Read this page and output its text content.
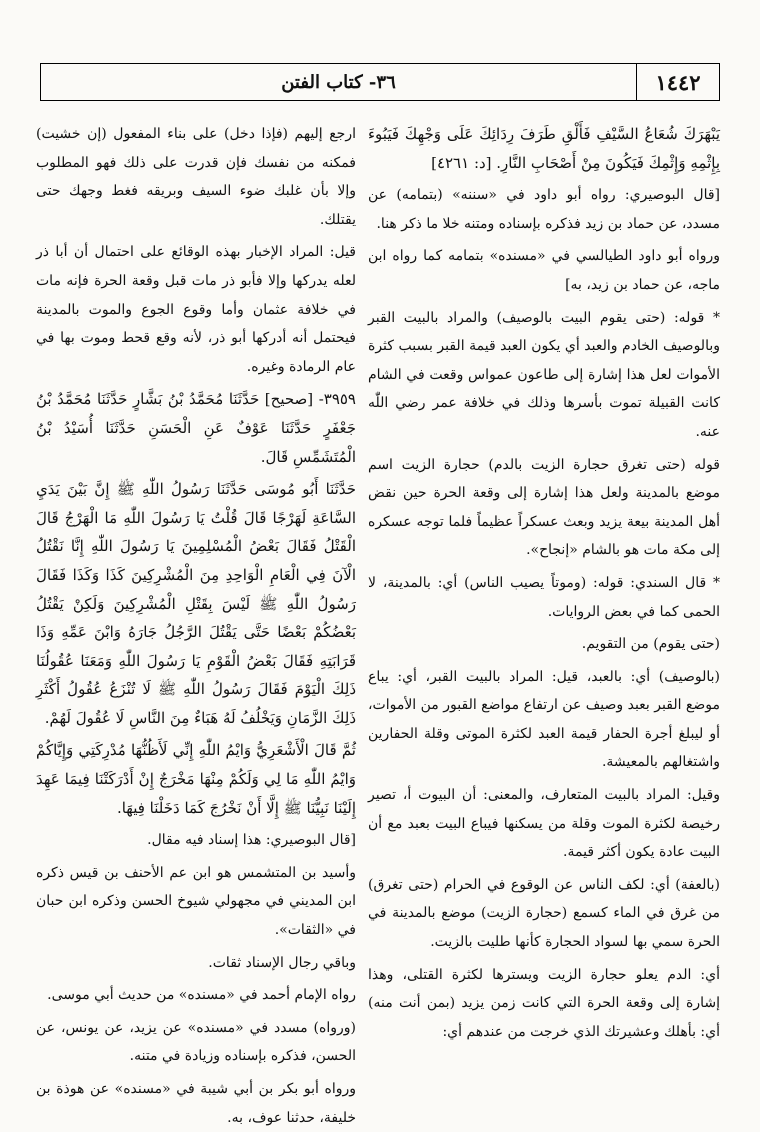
١٤٤٢
٣٦- كتاب الفتن

يَبْهَرَكَ شُعَاعُ السَّيْفِ فَأَلْقِ طَرَفَ رِدَائِكَ عَلَى وَجْهِكَ فَيَبُوءَ بِإِثْمِهِ وَإِثْمِكَ فَيَكُونَ مِنْ أَصْحَابِ النَّارِ. [د: ٤٢٦١]

[قال البوصيري: رواه أبو داود في «سننه» (بتمامه) عن مسدد، عن حماد بن زيد فذكره بإسناده ومتنه خلا ما ذكر هنا.

ورواه أبو داود الطيالسي في «مسنده» بتمامه كما رواه ابن ماجه، عن حماد بن زيد، به]

* قوله: (حتى يقوم البيت بالوصيف) والمراد بالبيت القبر وبالوصيف الخادم والعبد أي يكون العبد قيمة القبر بسبب كثرة الأموات لعل هذا إشارة إلى طاعون عمواس وقعت في الشام كانت القبيلة تموت بأسرها وذلك في خلافة عمر رضي اللّٰه عنه.

قوله (حتى تغرق حجارة الزيت بالدم) حجارة الزيت اسم موضع بالمدينة ولعل هذا إشارة إلى وقعة الحرة حين نقض أهل المدينة بيعة يزيد وبعث عسكراً عظيماً فلما توجه عسكره إلى مكة مات هو بالشام «إنجاح».

* قال السندي: قوله: (وموتاً يصيب الناس) أي: بالمدينة، لا الحمى كما في بعض الروايات.

(حتى يقوم) من التقويم.

(بالوصيف) أي: بالعبد، قيل: المراد بالبيت القبر، أي: يباع موضع القبر بعبد وصيف عن ارتفاع مواضع القبور من الأموات، أو ليبلغ أجرة الحفار قيمة العبد لكثرة الموتى وقلة الحفارين واشتغالهم بالمعيشة.

وقيل: المراد بالبيت المتعارف، والمعنى: أن البيوت أ، تصير رخيصة لكثرة الموت وقلة من يسكنها فيباع البيت بعبد مع أن البيت عادة يكون أكثر قيمة.

(بالعفة) أي: لكف الناس عن الوقوع في الحرام (حتى تغرق) من غرق في الماء كسمع (حجارة الزيت) موضع بالمدينة في الحرة سمي بها لسواد الحجارة كأنها طليت بالزيت.

أي: الدم يعلو حجارة الزيت ويسترها لكثرة القتلى، وهذا إشارة إلى وقعة الحرة التي كانت زمن يزيد (بمن أنت منه) أي: بأهلك وعشيرتك الذي خرجت من عندهم أي:

ارجع إليهم (فإذا دخل) على بناء المفعول (إن خشيت) فمكنه من نفسك فإن قدرت على ذلك فهو المطلوب وإلا بأن غلبك ضوء السيف وبريقه فغط وجهك حتى يقتلك.

قيل: المراد الإخبار بهذه الوقائع على احتمال أن أبا ذر لعله يدركها وإلا فأبو ذر مات قبل وقعة الحرة فإنه مات في خلافة عثمان وأما وقوع الجوع والموت بالمدينة فيحتمل أنه أدركها أبو ذر، لأنه وقع قحط وموت بها في عام الرمادة وغيره.

٣٩٥٩- [صحيح] حَدَّثَنَا مُحَمَّدُ بْنُ بَشَّارٍ حَدَّثَنَا مُحَمَّدُ بْنُ جَعْفَرٍ حَدَّثَنَا عَوْفٌ عَنِ الْحَسَنِ حَدَّثَنَا أُسَيْدُ بْنُ الْمُتَشَمِّسِ قَالَ.

حَدَّثَنَا أَبُو مُوسَى حَدَّثَنَا رَسُولُ اللّٰهِ ﷺ إِنَّ بَيْنَ يَدَيِ السَّاعَةِ لَهَرْجًا قَالَ قُلْتُ يَا رَسُولَ اللّٰهِ مَا الْهَرْجُ قَالَ الْقَتْلُ فَقَالَ بَعْضُ الْمُسْلِمِينَ يَا رَسُولَ اللّٰهِ إِنَّا نَقْتُلُ الْآنَ فِي الْعَامِ الْوَاحِدِ مِنَ الْمُشْرِكِينَ كَذَا وَكَذَا فَقَالَ رَسُولُ اللّٰهِ ﷺ لَيْسَ بِقَتْلِ الْمُشْرِكِينَ وَلَكِنْ يَقْتُلُ بَعْضُكُمْ بَعْضًا حَتَّى يَقْتُلَ الرَّجُلُ جَارَهُ وَابْنَ عَمِّهِ وَذَا قَرَابَتِهِ فَقَالَ بَعْضُ الْقَوْمِ يَا رَسُولَ اللّٰهِ وَمَعَنَا عُقُولُنَا ذَلِكَ الْيَوْمَ فَقَالَ رَسُولُ اللّٰهِ ﷺ لَا تُنْزَعُ عُقُولُ أَكْثَرِ ذَلِكَ الزَّمَانِ وَيَخْلُفُ لَهُ هَبَاءٌ مِنَ النَّاسِ لَا عُقُولَ لَهُمْ.

ثُمَّ قَالَ الْأَشْعَرِيُّ وَايْمُ اللّٰهِ إِنِّي لَأَظُنُّهَا مُدْرِكَتِي وَإِيَّاكُمْ وَايْمُ اللّٰهِ مَا لِي وَلَكُمْ مِنْهَا مَخْرَجٌ إِنْ أَدْرَكَتْنَا فِيمَا عَهِدَ إِلَيْنَا نَبِيُّنَا ﷺ إِلَّا أَنْ نَخْرُجَ كَمَا دَخَلْنَا فِيهَا.

[قال البوصيري: هذا إسناد فيه مقال.

وأسيد بن المتشمس هو ابن عم الأحنف بن قيس ذكره ابن المديني في مجهولي شيوخ الحسن وذكره ابن حبان في «الثقات».

وباقي رجال الإسناد ثقات.

رواه الإمام أحمد في «مسنده» من حديث أبي موسى.

(ورواه) مسدد في «مسنده» عن يزيد، عن يونس، عن الحسن، فذكره بإسناده وزيادة في متنه.

ورواه أبو بكر بن أبي شيبة في «مسنده» عن هوذة بن خليفة، حدثنا عوف، به.
